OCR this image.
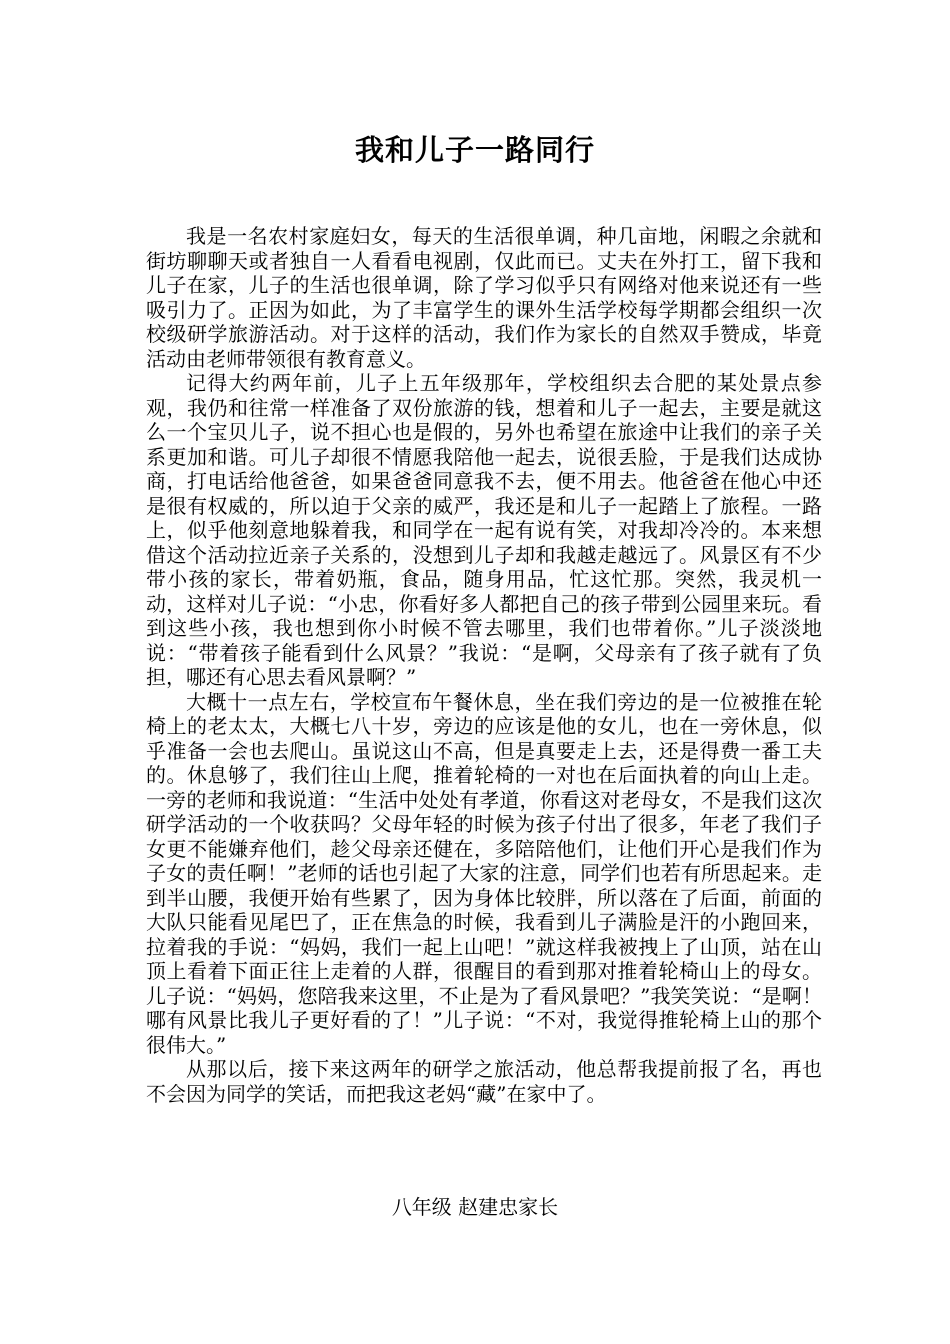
我和儿子一路同行

我是一名农村家庭妇女，每天的生活很单调，种几亩地，闲暇之余就和街坊聊聊天或者独自一人看看电视剧，仅此而已。丈夫在外打工，留下我和儿子在家，儿子的生活也很单调，除了学习似乎只有网络对他来说还有一些吸引力了。正因为如此，为了丰富学生的课外生活学校每学期都会组织一次校级研学旅游活动。对于这样的活动，我们作为家长的自然双手赞成，毕竟活动由老师带领很有教育意义。

记得大约两年前，儿子上五年级那年，学校组织去合肥的某处景点参观，我仍和往常一样准备了双份旅游的钱，想着和儿子一起去，主要是就这么一个宝贝儿子，说不担心也是假的，另外也希望在旅途中让我们的亲子关系更加和谐。可儿子却很不情愿我陪他一起去，说很丢脸，于是我们达成协商，打电话给他爸爸，如果爸爸同意我不去，便不用去。他爸爸在他心中还是很有权威的，所以迫于父亲的威严，我还是和儿子一起踏上了旅程。一路上，似乎他刻意地躲着我，和同学在一起有说有笑，对我却冷冷的。本来想借这个活动拉近亲子关系的，没想到儿子却和我越走越远了。风景区有不少带小孩的家长，带着奶瓶，食品，随身用品，忙这忙那。突然，我灵机一动，这样对儿子说：“小忠，你看好多人都把自己的孩子带到公园里来玩。看到这些小孩，我也想到你小时候不管去哪里，我们也带着你。”儿子淡淡地说：“带着孩子能看到什么风景？”我说：“是啊，父母亲有了孩子就有了负担，哪还有心思去看风景啊？”

大概十一点左右，学校宣布午餐休息，坐在我们旁边的是一位被推在轮椅上的老太太，大概七八十岁，旁边的应该是他的女儿，也在一旁休息，似乎准备一会也去爬山。虽说这山不高，但是真要走上去，还是得费一番工夫的。休息够了，我们往山上爬，推着轮椅的一对也在后面执着的向山上走。一旁的老师和我说道：“生活中处处有孝道，你看这对老母女，不是我们这次研学活动的一个收获吗？父母年轻的时候为孩子付出了很多，年老了我们子女更不能嫌弃他们，趁父母亲还健在，多陪陪他们，让他们开心是我们作为子女的责任啊！”老师的话也引起了大家的注意，同学们也若有所思起来。走到半山腰，我便开始有些累了，因为身体比较胖，所以落在了后面，前面的大队只能看见尾巴了，正在焦急的时候，我看到儿子满脸是汗的小跑回来，拉着我的手说：“妈妈，我们一起上山吧！”就这样我被拽上了山顶，站在山顶上看着下面正往上走着的人群，很醒目的看到那对推着轮椅山上的母女。儿子说：“妈妈，您陪我来这里，不止是为了看风景吧？”我笑笑说：“是啊！哪有风景比我儿子更好看的了！”儿子说：“不对，我觉得推轮椅上山的那个很伟大。”

从那以后，接下来这两年的研学之旅活动，他总帮我提前报了名，再也不会因为同学的笑话，而把我这老妈“藏”在家中了。

八年级 赵建忠家长
